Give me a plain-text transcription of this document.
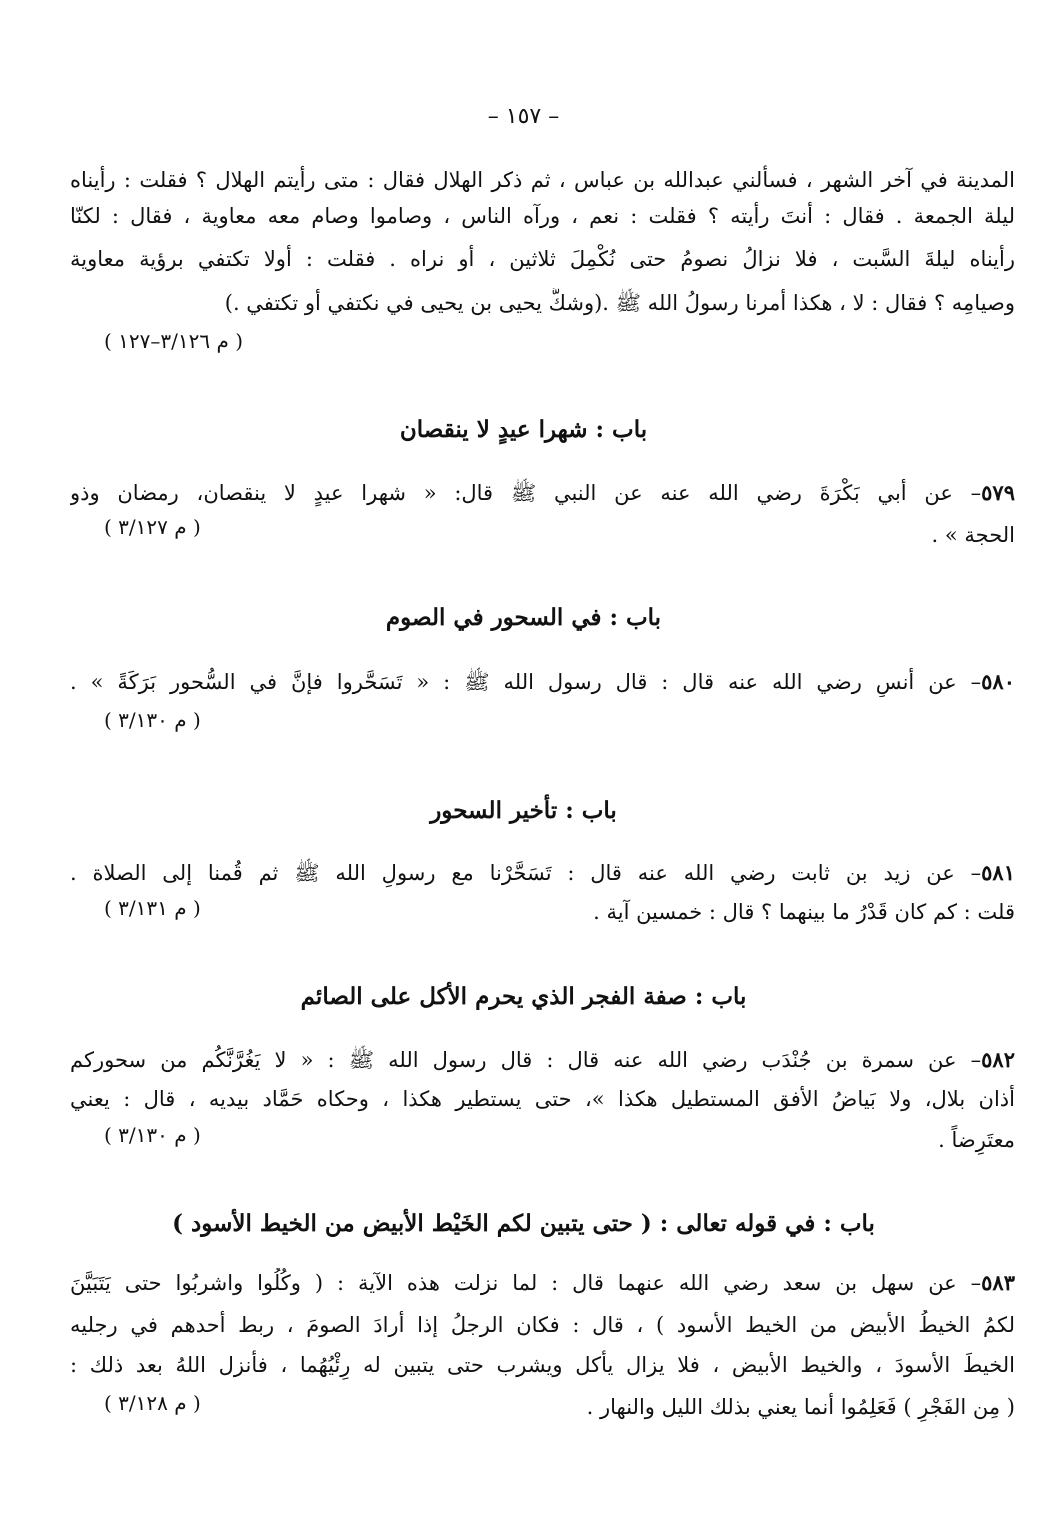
– ١٥٧ –
المدينة في آخر الشهر ، فسألني عبدالله بن عباس ، ثم ذكر الهلال فقال : متى رأيتم الهلال ؟ فقلت : رأيناه
ليلة الجمعة . فقال : أنتَ رأيته ؟ فقلت : نعم ، ورآه الناس ، وصاموا وصام معه معاوية ، فقال : لكنّا
رأيناه ليلةَ السَّبت ، فلا نزالُ نصومُ حتى نُكْمِلَ ثلاثين ، أو نراه . فقلت : أولا تكتفي برؤية معاوية
وصيامِه ؟ فقال : لا ، هكذا أمرنا رسولُ الله ﷺ .(وشكَّ يحيى بن يحيى في نكتفي أو تكتفي .)
( م ٣/١٢٦–١٢٧ )
باب : شهرا عيدٍ لا ينقصان
٥٧٩– عن أبي بَكْرَةَ رضي الله عنه عن النبي ﷺ قال: « شهرا عيدٍ لا ينقصان، رمضان وذو
الحجة » .
( م ٣/١٢٧ )
باب : في السحور في الصوم
٥٨٠– عن أنسٍ رضي الله عنه قال : قال رسول الله ﷺ : « تَسَحَّروا فإنَّ في السُّحور بَرَكَةً » .
( م ٣/١٣٠ )
باب : تأخير السحور
٥٨١– عن زيد بن ثابت رضي الله عنه قال : تَسَحَّرْنا مع رسولِ الله ﷺ ثم قُمنا إلى الصلاة .
قلت : كم كان قَدْرُ ما بينهما ؟ قال : خمسين آية .
( م ٣/١٣١ )
باب : صفة الفجر الذي يحرم الأكل على الصائم
٥٨٢– عن سمرة بن جُنْدَب رضي الله عنه قال : قال رسول الله ﷺ : « لا يَغُرَّنَّكُم من سحوركم
أذان بلال، ولا بَياضُ الأفق المستطيل هكذا »، حتى يستطير هكذا ، وحكاه حَمَّاد بيديه ، قال : يعني
معتَرِضاً .
( م ٣/١٣٠ )
باب : في قوله تعالى : ( حتى يتبين لكم الخَيْط الأبيض من الخيط الأسود )
٥٨٣– عن سهل بن سعد رضي الله عنهما قال : لما نزلت هذه الآية : ( وكُلُوا واشربُوا حتى يَتَبَيَّنَ
لكمُ الخيطُ الأبيض من الخيط الأسود ) ، قال : فكان الرجلُ إذا أرادَ الصومَ ، ربط أحدهم في رجليه
الخيطَ الأسودَ ، والخيط الأبيض ، فلا يزال يأكل ويشرب حتى يتبين له رِئْيُهُما ، فأنزل اللهُ بعد ذلك :
( مِن الفَجْرِ ) فَعَلِمُوا أنما يعني بذلك الليل والنهار .
( م ٣/١٢٨ )
